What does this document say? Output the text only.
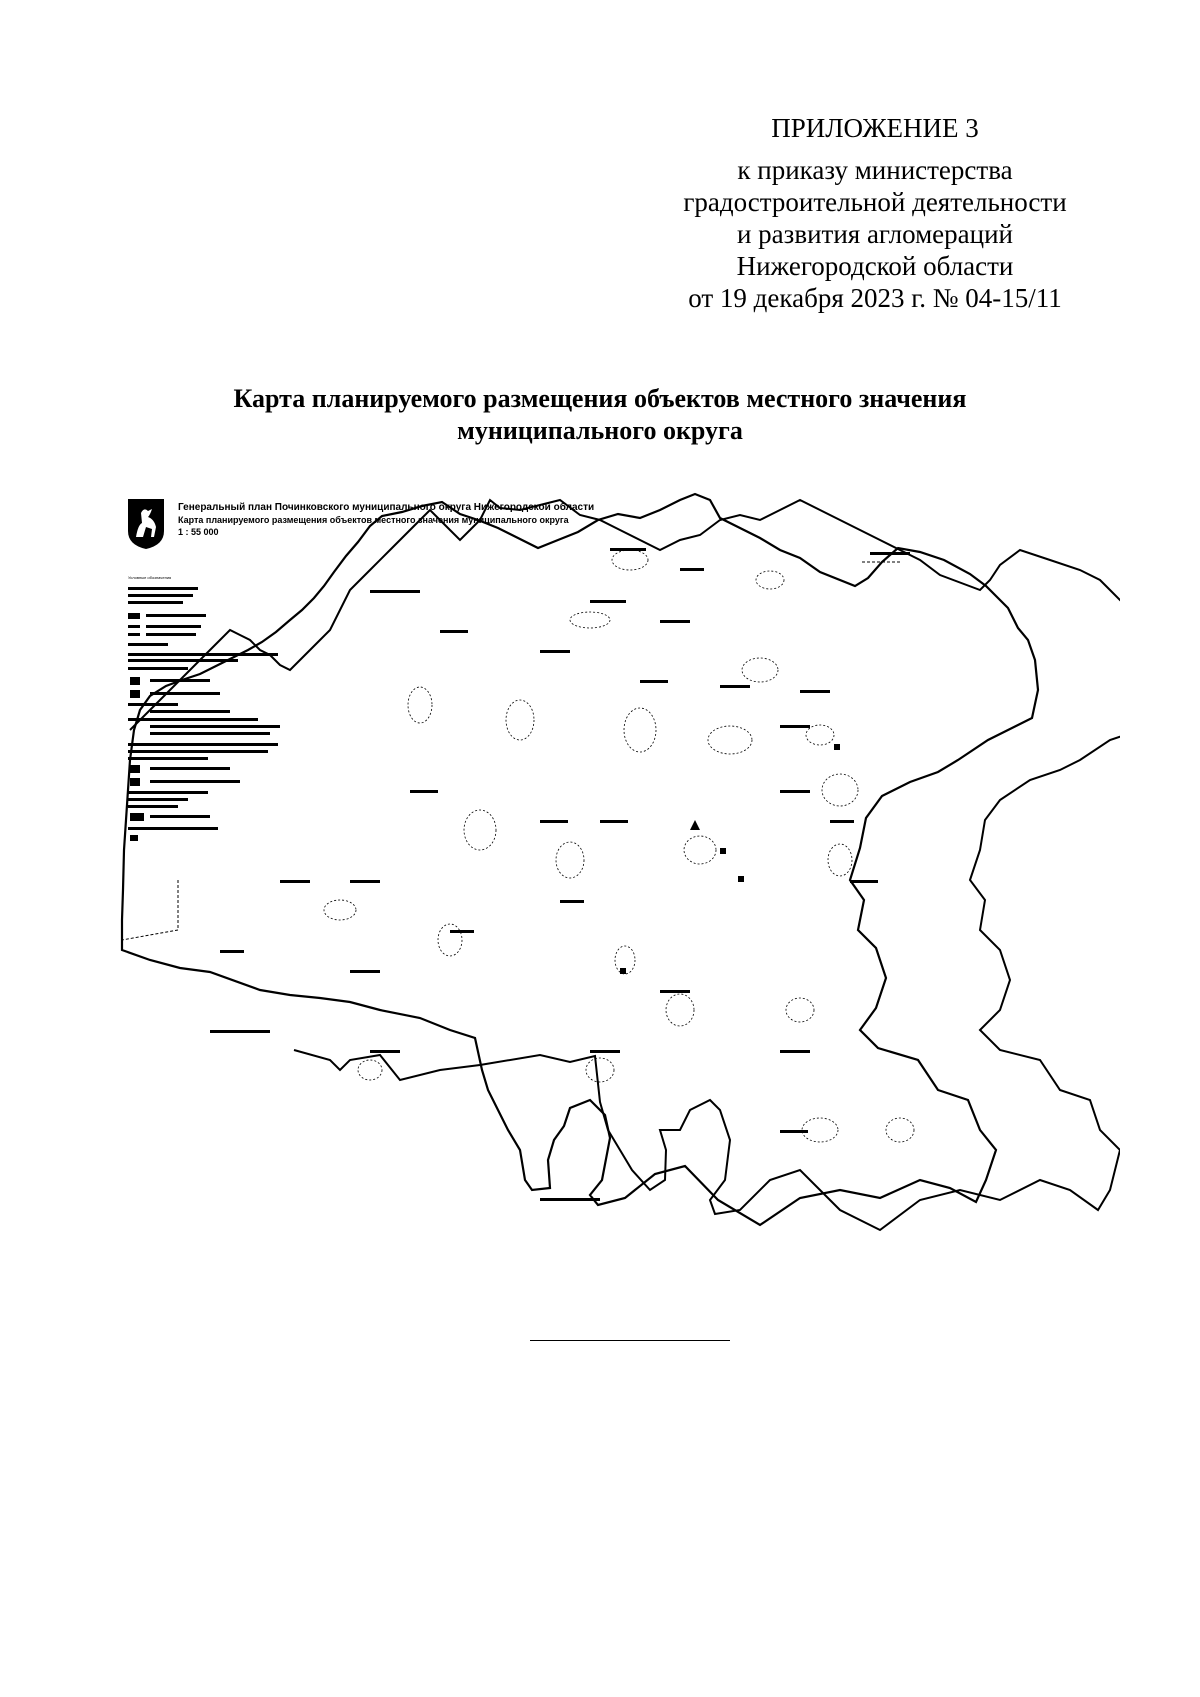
ПРИЛОЖЕНИЕ 3
к приказу министерства
градостроительной деятельности
и развития агломераций
Нижегородской области
от 19 декабря 2023 г. № 04-15/11
Карта планируемого размещения объектов местного значения
муниципального округа
Генеральный план Починковского муниципального округа Нижегородской области
Карта планируемого размещения объектов местного значения муниципального округа
1 : 55 000
Условные обозначения
